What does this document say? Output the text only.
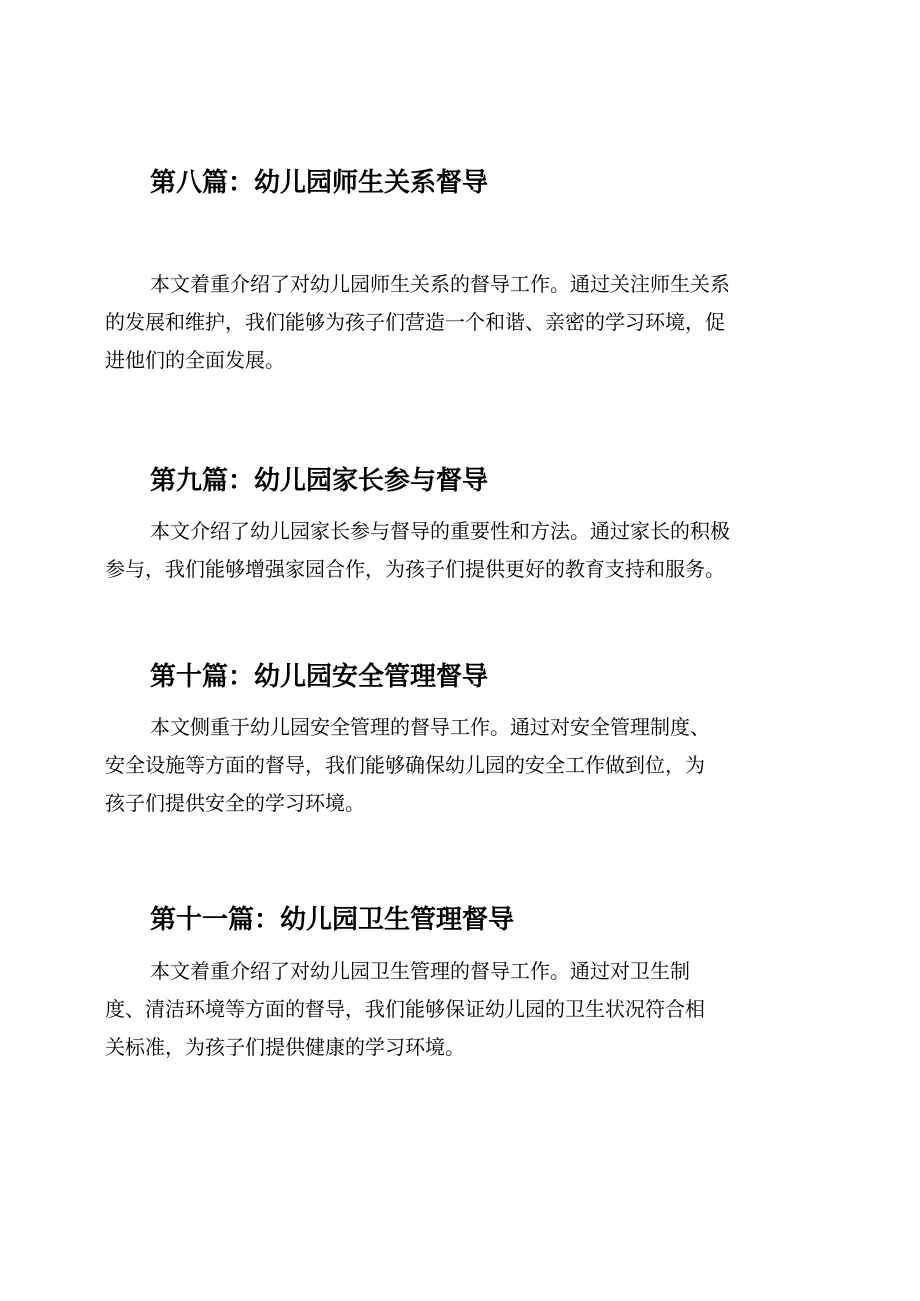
第八篇：幼儿园师生关系督导
本文着重介绍了对幼儿园师生关系的督导工作。通过关注师生关系
的发展和维护，我们能够为孩子们营造一个和谐、亲密的学习环境，促
进他们的全面发展。
第九篇：幼儿园家长参与督导
本文介绍了幼儿园家长参与督导的重要性和方法。通过家长的积极
参与，我们能够增强家园合作，为孩子们提供更好的教育支持和服务。
第十篇：幼儿园安全管理督导
本文侧重于幼儿园安全管理的督导工作。通过对安全管理制度、
安全设施等方面的督导，我们能够确保幼儿园的安全工作做到位，为
孩子们提供安全的学习环境。
第十一篇：幼儿园卫生管理督导
本文着重介绍了对幼儿园卫生管理的督导工作。通过对卫生制
度、清洁环境等方面的督导，我们能够保证幼儿园的卫生状况符合相
关标准，为孩子们提供健康的学习环境。
